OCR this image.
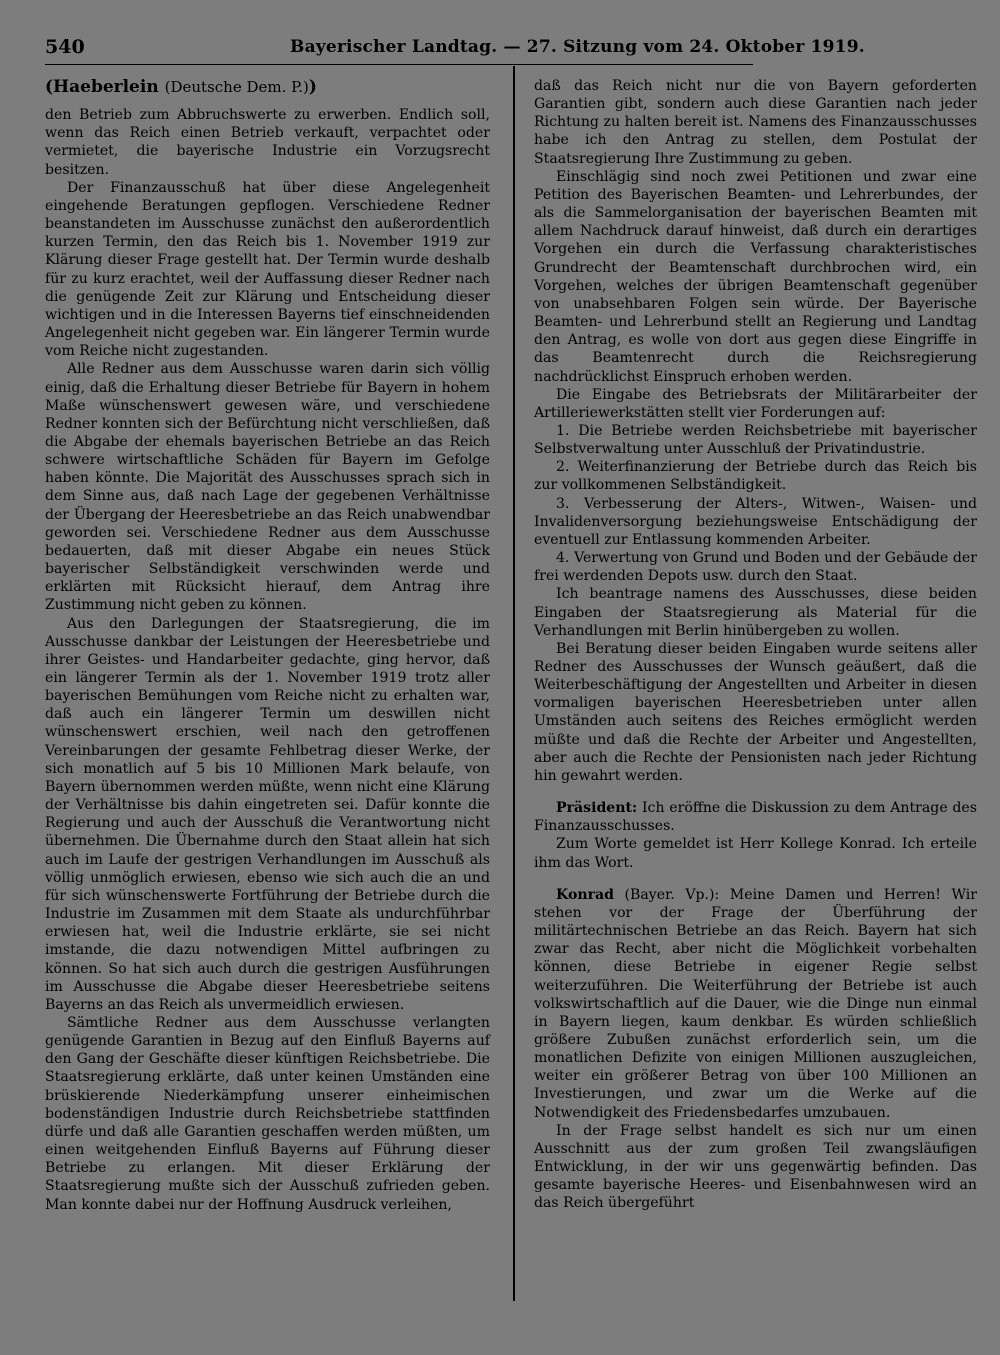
540	Bayerischer Landtag. — 27. Sitzung vom 24. Oktober 1919.
(Haeberlein (Deutsche Dem. P.))

den Betrieb zum Abbruchswerte zu erwerben. Endlich soll, wenn das Reich einen Betrieb verkauft, verpachtet oder vermietet, die bayerische Industrie ein Vorzugsrecht besitzen.

Der Finanzausschuß hat über diese Angelegenheit eingehende Beratungen gepflogen. Verschiedene Redner beanstandeten im Ausschusse zunächst den außerordentlich kurzen Termin, den das Reich bis 1. November 1919 zur Klärung dieser Frage gestellt hat. Der Termin wurde deshalb für zu kurz erachtet, weil der Auffassung dieser Redner nach die genügende Zeit zur Klärung und Entscheidung dieser wichtigen und in die Interessen Bayerns tief einschneidenden Angelegenheit nicht gegeben war. Ein längerer Termin wurde vom Reiche nicht zugestanden.

Alle Redner aus dem Ausschusse waren darin sich völlig einig, daß die Erhaltung dieser Betriebe für Bayern in hohem Maße wünschenswert gewesen wäre, und verschiedene Redner konnten sich der Befürchtung nicht verschließen, daß die Abgabe der ehemals bayerischen Betriebe an das Reich schwere wirtschaftliche Schäden für Bayern im Gefolge haben könnte. Die Majorität des Ausschusses sprach sich in dem Sinne aus, daß nach Lage der gegebenen Verhältnisse der Übergang der Heeresbetriebe an das Reich unabwendbar geworden sei. Verschiedene Redner aus dem Ausschusse bedauerten, daß mit dieser Abgabe ein neues Stück bayerischer Selbständigkeit verschwinden werde und erklärten mit Rücksicht hierauf, dem Antrag ihre Zustimmung nicht geben zu können.

Aus den Darlegungen der Staatsregierung, die im Ausschusse dankbar der Leistungen der Heeresbetriebe und ihrer Geistes- und Handarbeiter gedachte, ging hervor, daß ein längerer Termin als der 1. November 1919 trotz aller bayerischen Bemühungen vom Reiche nicht zu erhalten war, daß auch ein längerer Termin um deswillen nicht wünschenswert erschien, weil nach den getroffenen Vereinbarungen der gesamte Fehlbetrag dieser Werke, der sich monatlich auf 5 bis 10 Millionen Mark belaufe, von Bayern übernommen werden müßte, wenn nicht eine Klärung der Verhältnisse bis dahin eingetreten sei. Dafür konnte die Regierung und auch der Ausschuß die Verantwortung nicht übernehmen. Die Übernahme durch den Staat allein hat sich auch im Laufe der gestrigen Verhandlungen im Ausschuß als völlig unmöglich erwiesen, ebenso wie sich auch die an und für sich wünschenswerte Fortführung der Betriebe durch die Industrie im Zusammen mit dem Staate als undurchführbar erwiesen hat, weil die Industrie erklärte, sie sei nicht imstande, die dazu notwendigen Mittel aufbringen zu können. So hat sich auch durch die gestrigen Ausführungen im Ausschusse die Abgabe dieser Heeresbetriebe seitens Bayerns an das Reich als unvermeidlich erwiesen.

Sämtliche Redner aus dem Ausschusse verlangten genügende Garantien in Bezug auf den Einfluß Bayerns auf den Gang der Geschäfte dieser künftigen Reichsbetriebe. Die Staatsregierung erklärte, daß unter keinen Umständen eine brüskierende Niederkämpfung unserer einheimischen bodenständigen Industrie durch Reichsbetriebe stattfinden dürfe und daß alle Garantien geschaffen werden müßten, um einen weitgehenden Einfluß Bayerns auf Führung dieser Betriebe zu erlangen. Mit dieser Erklärung der Staatsregierung mußte sich der Ausschuß zufrieden geben. Man konnte dabei nur der Hoffnung Ausdruck verleihen,

daß das Reich nicht nur die von Bayern geforderten Garantien gibt, sondern auch diese Garantien nach jeder Richtung zu halten bereit ist. Namens des Finanzausschusses habe ich den Antrag zu stellen, dem Postulat der Staatsregierung Ihre Zustimmung zu geben.

Einschlägig sind noch zwei Petitionen und zwar eine Petition des Bayerischen Beamten- und Lehrerbundes, der als die Sammelorganisation der bayerischen Beamten mit allem Nachdruck darauf hinweist, daß durch ein derartiges Vorgehen ein durch die Verfassung charakteristisches Grundrecht der Beamtenschaft durchbrochen wird, ein Vorgehen, welches der übrigen Beamtenschaft gegenüber von unabsehbaren Folgen sein würde. Der Bayerische Beamten- und Lehrerbund stellt an Regierung und Landtag den Antrag, es wolle von dort aus gegen diese Eingriffe in das Beamtenrecht durch die Reichsregierung nachdrücklichst Einspruch erhoben werden.

Die Eingabe des Betriebsrats der Militärarbeiter der Artilleriewerkstätten stellt vier Forderungen auf:

1. Die Betriebe werden Reichsbetriebe mit bayerischer Selbstverwaltung unter Ausschluß der Privatindustrie.

2. Weiterfinanzierung der Betriebe durch das Reich bis zur vollkommenen Selbständigkeit.

3. Verbesserung der Alters-, Witwen-, Waisen- und Invalidenversorgung beziehungsweise Entschädigung der eventuell zur Entlassung kommenden Arbeiter.

4. Verwertung von Grund und Boden und der Gebäude der frei werdenden Depots usw. durch den Staat.

Ich beantrage namens des Ausschusses, diese beiden Eingaben der Staatsregierung als Material für die Verhandlungen mit Berlin hinübergeben zu wollen.

Bei Beratung dieser beiden Eingaben wurde seitens aller Redner des Ausschusses der Wunsch geäußert, daß die Weiterbeschäftigung der Angestellten und Arbeiter in diesen vormaligen bayerischen Heeresbetrieben unter allen Umständen auch seitens des Reiches ermöglicht werden müßte und daß die Rechte der Arbeiter und Angestellten, aber auch die Rechte der Pensionisten nach jeder Richtung hin gewahrt werden.

Präsident: Ich eröffne die Diskussion zu dem Antrage des Finanzausschusses.

Zum Worte gemeldet ist Herr Kollege Konrad. Ich erteile ihm das Wort.

Konrad (Bayer. Vp.): Meine Damen und Herren! Wir stehen vor der Frage der Überführung der militärtechnischen Betriebe an das Reich. Bayern hat sich zwar das Recht, aber nicht die Möglichkeit vorbehalten können, diese Betriebe in eigener Regie selbst weiterzuführen. Die Weiterführung der Betriebe ist auch volkswirtschaftlich auf die Dauer, wie die Dinge nun einmal in Bayern liegen, kaum denkbar. Es würden schließlich größere Zubußen zunächst erforderlich sein, um die monatlichen Defizite von einigen Millionen auszugleichen, weiter ein größerer Betrag von über 100 Millionen an Investierungen, und zwar um die Werke auf die Notwendigkeit des Friedensbedarfes umzubauen.

In der Frage selbst handelt es sich nur um einen Ausschnitt aus der zum großen Teil zwangsläufigen Entwicklung, in der wir uns gegenwärtig befinden. Das gesamte bayerische Heeres- und Eisenbahnwesen wird an das Reich übergeführt
